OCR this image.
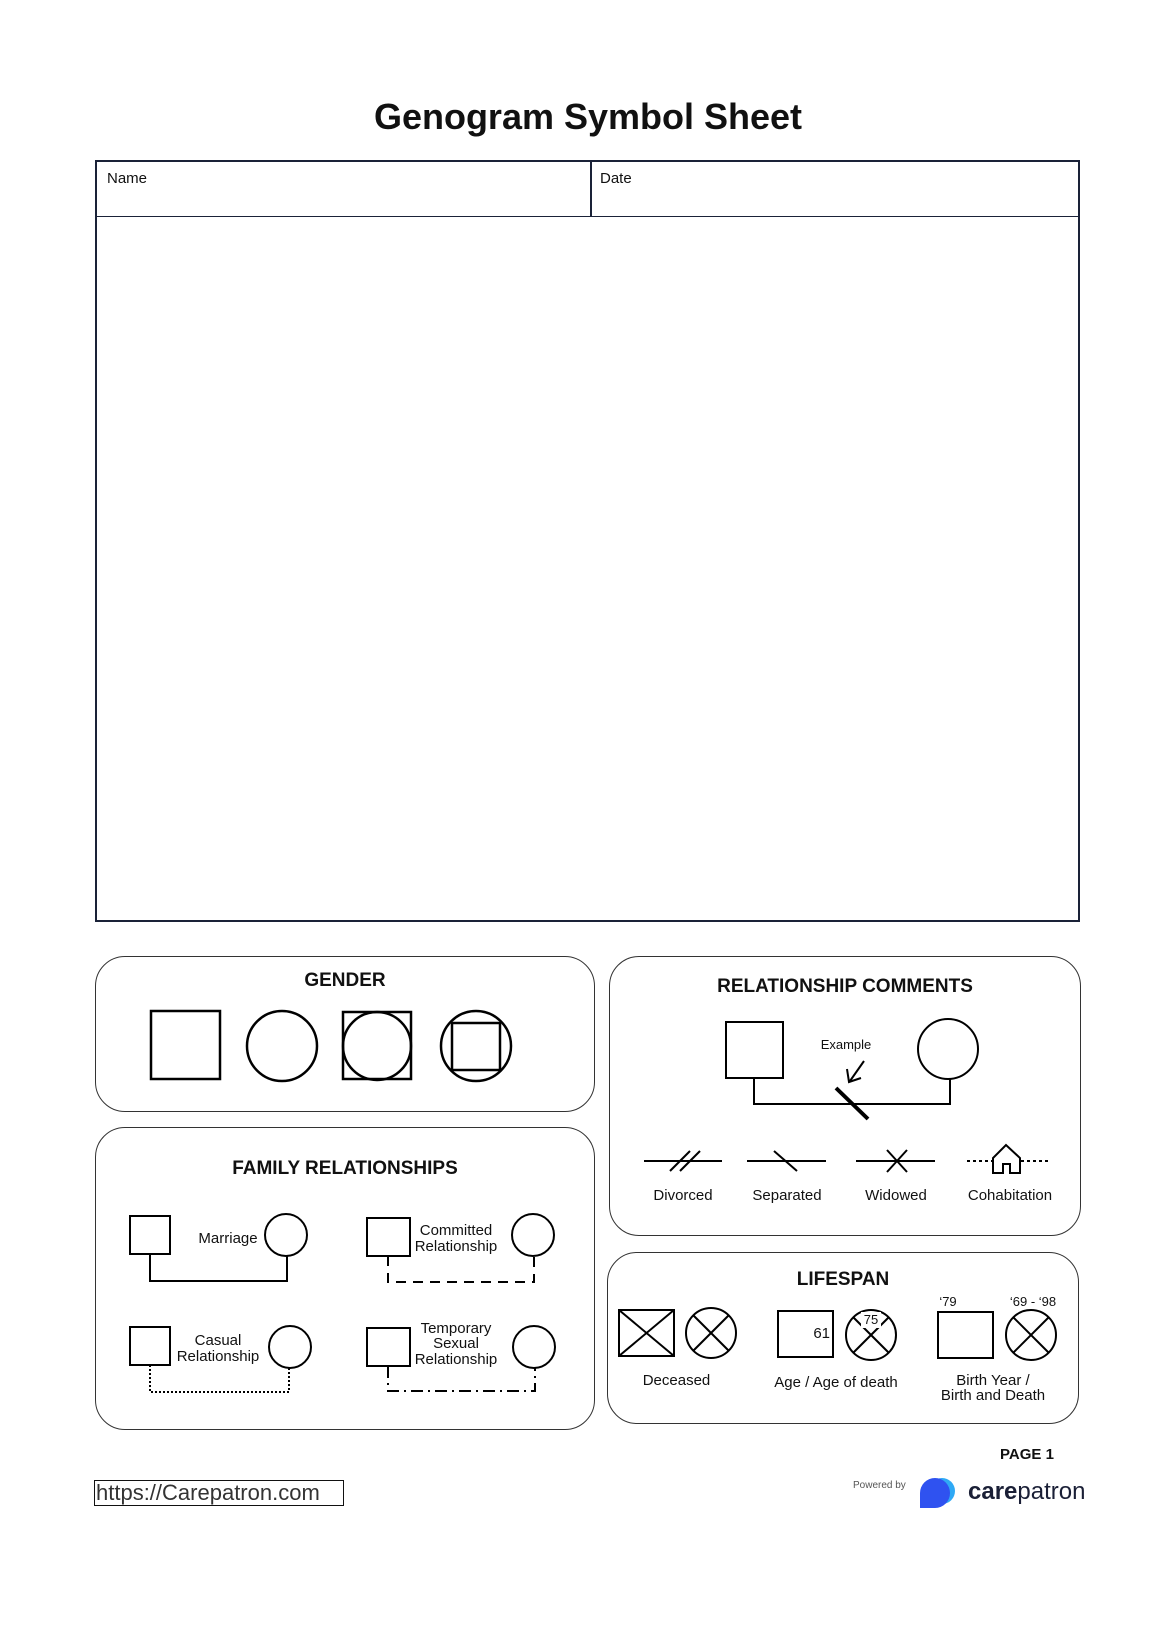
Genogram Symbol Sheet
Name	Date
GENDER
FAMILY RELATIONSHIPS
Marriage	Committed
Relationship
Casual
Relationship
Temporary
Sexual
Relationship
RELATIONSHIP COMMENTS
Example
Divorced	Separated	Widowed	Cohabitation
LIFESPAN
Deceased
61
75
Age / Age of death
‘79	‘69 - ‘98
Birth Year /
Birth and Death
PAGE 1
https://Carepatron.com	Powered by	carepatron
